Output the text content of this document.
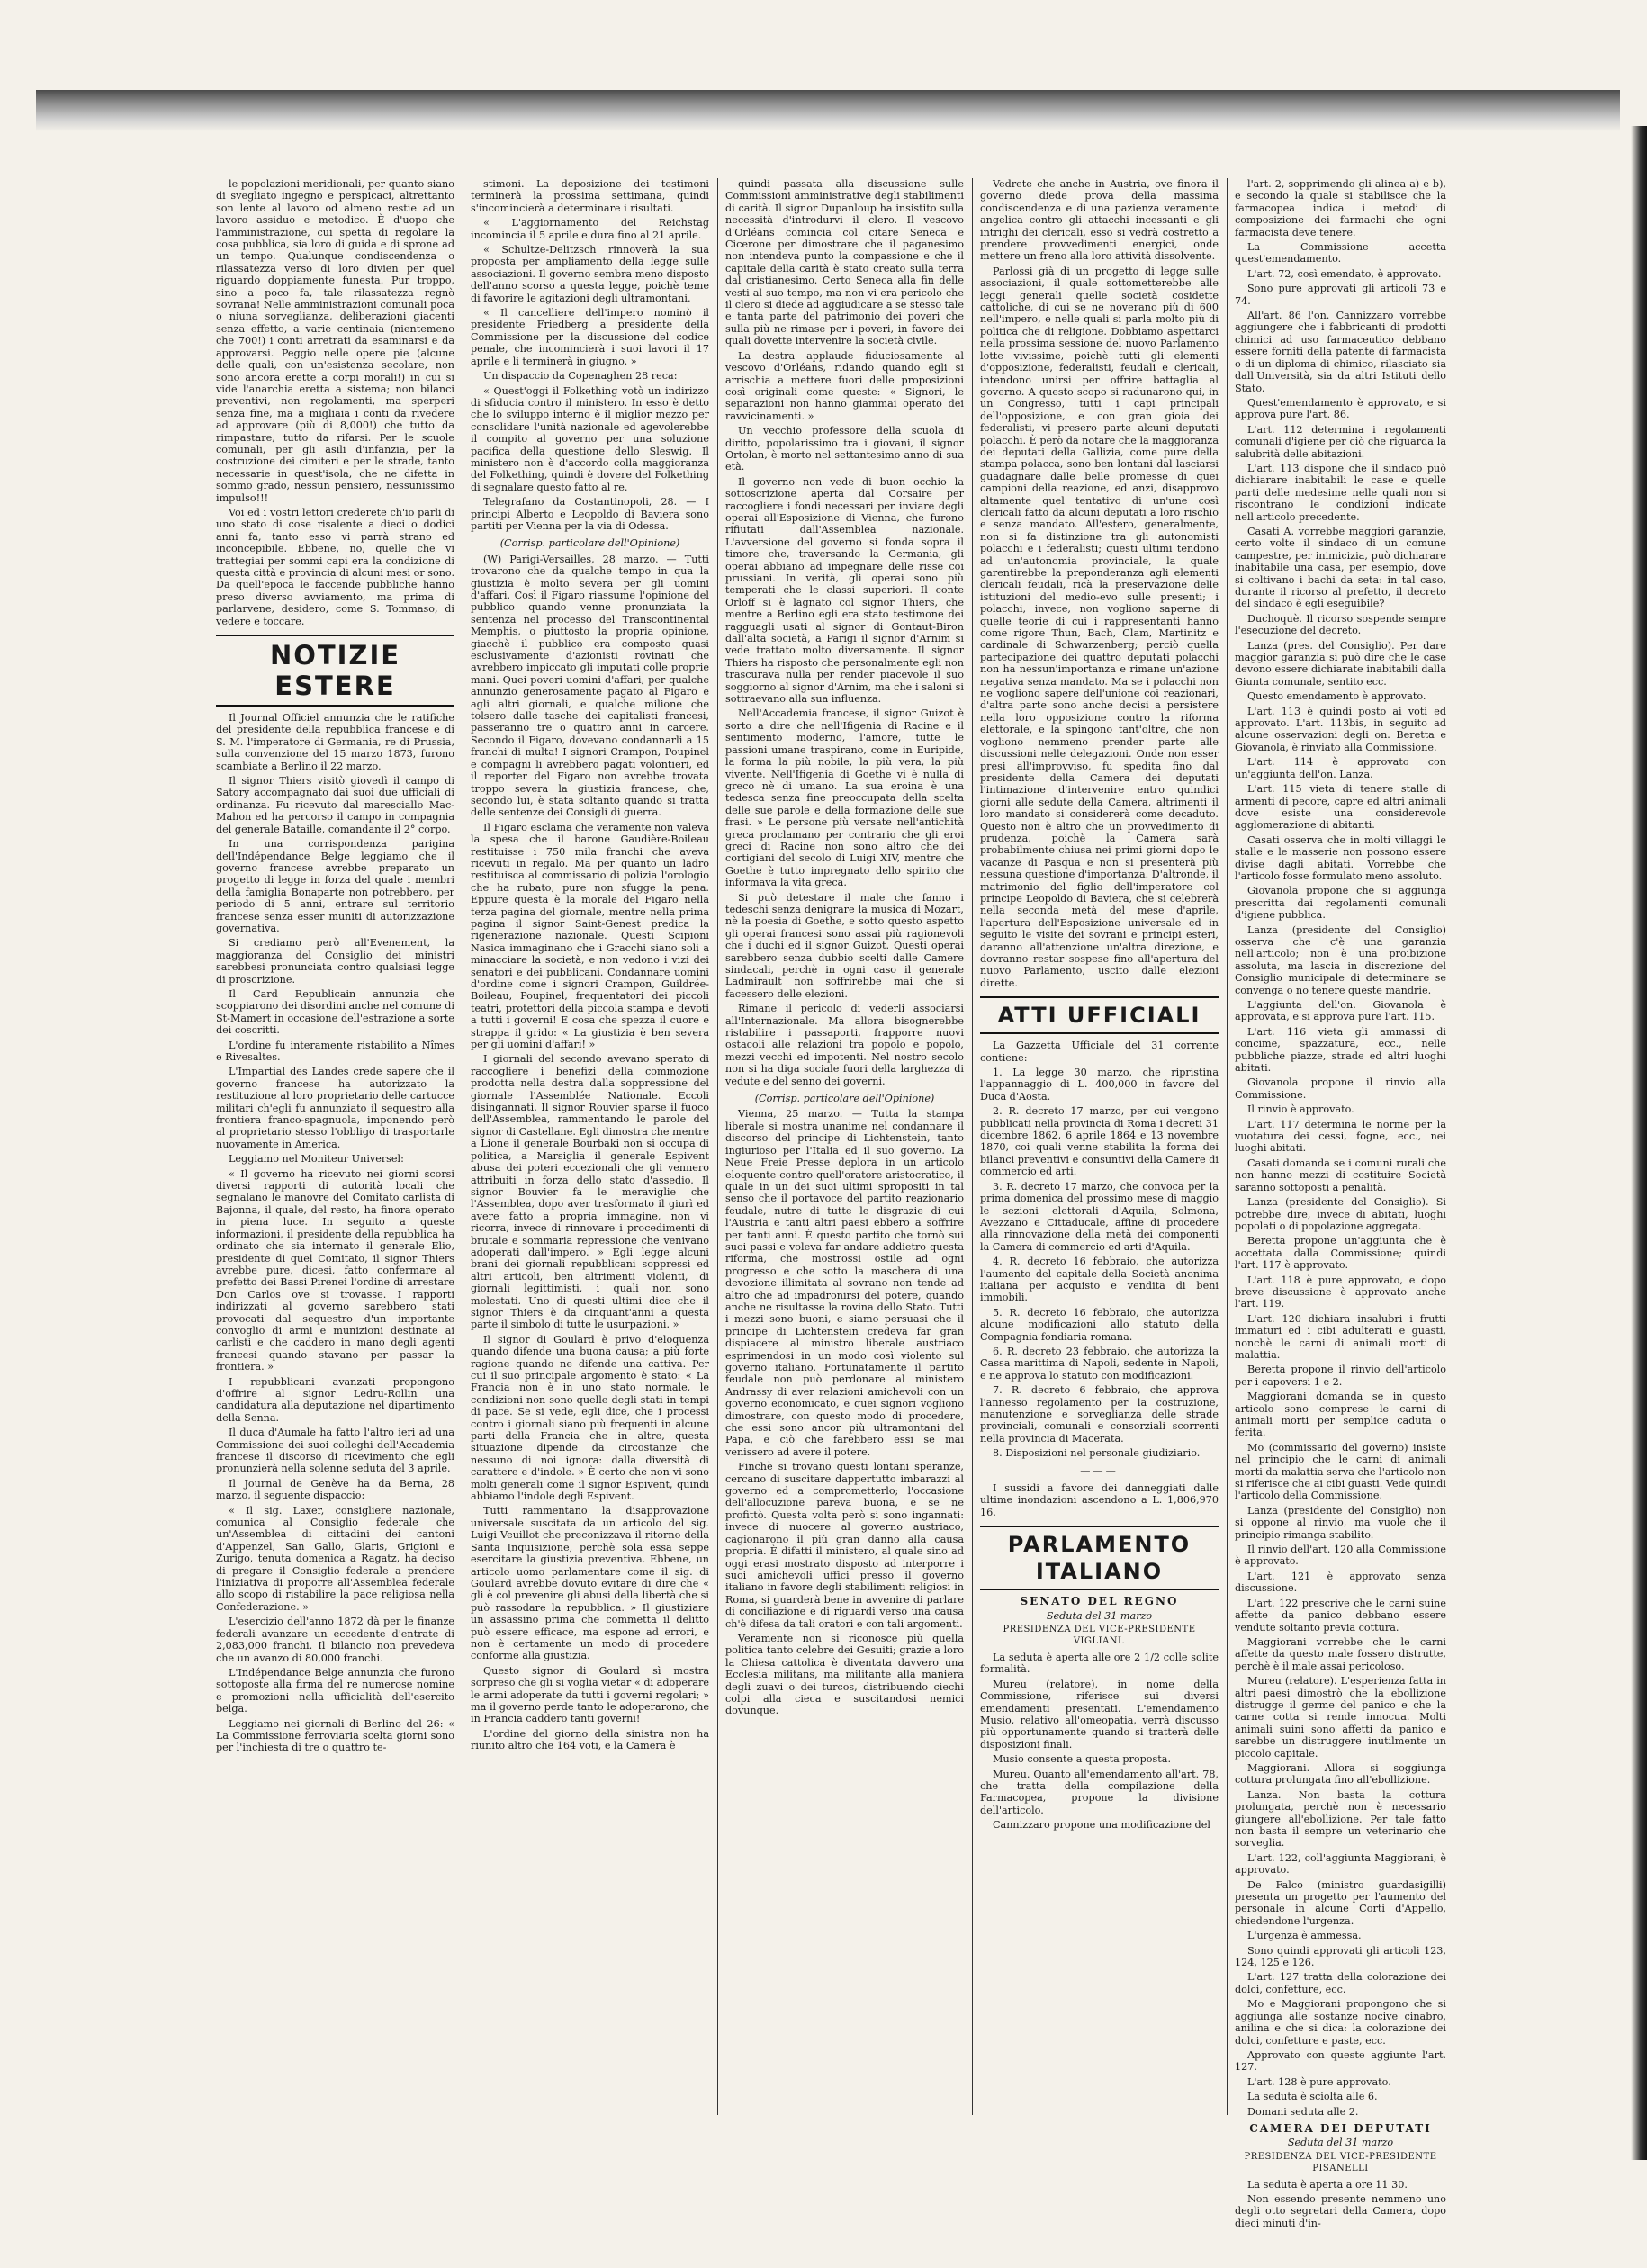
le popolazioni meridionali, per quanto siano di svegliato ingegno e perspicaci, altrettanto son lente al lavoro od almeno restie ad un lavoro assiduo e metodico. È d'uopo che l'amministrazione, cui spetta di regolare la cosa pubblica, sia loro di guida e di sprone ad un tempo. Qualunque condiscendenza o rilassatezza verso di loro divien per quel riguardo doppiamente funesta. Pur troppo, sino a poco fa, tale rilassatezza regnò sovrana! Nelle amministrazioni comunali poca o niuna sorveglianza, deliberazioni giacenti senza effetto, a varie centinaia (nientemeno che 700!) i conti arretrati da esaminarsi e da approvarsi. Peggio nelle opere pie (alcune delle quali, con un'esistenza secolare, non sono ancora erette a corpi morali!) in cui si vide l'anarchia eretta a sistema; non bilanci preventivi, non regolamenti, ma sperperi senza fine, ma a migliaia i conti da rivedere ad approvare (più di 8,000!) che tutto da rimpastare, tutto da rifarsi. Per le scuole comunali, per gli asili d'infanzia, per la costruzione dei cimiteri e per le strade, tanto necessarie in quest'isola, che ne difetta in sommo grado, nessun pensiero, nessunissimo impulso!!!

Voi ed i vostri lettori crederete ch'io parli di uno stato di cose risalente a dieci o dodici anni fa, tanto esso vi parrà strano ed inconcepibile. Ebbene, no, quelle che vi trattegiai per sommi capi era la condizione di questa città e provincia di alcuni mesi or sono. Da quell'epoca le faccende pubbliche hanno preso diverso avviamento, ma prima di parlarvene, desidero, come S. Tommaso, di vedere e toccare.

NOTIZIE ESTERE

Il Journal Officiel annunzia che le ratifiche del presidente della repubblica francese e di S. M. l'imperatore di Germania, re di Prussia, sulla convenzione del 15 marzo 1873, furono scambiate a Berlino il 22 marzo.

Il signor Thiers visitò giovedì il campo di Satory accompagnato dai suoi due ufficiali di ordinanza. Fu ricevuto dal maresciallo Mac-Mahon ed ha percorso il campo in compagnia del generale Bataille, comandante il 2° corpo.

In una corrispondenza parigina dell'Indépendance Belge leggiamo che il governo francese avrebbe preparato un progetto di legge in forza del quale i membri della famiglia Bonaparte non potrebbero, per periodo di 5 anni, entrare sul territorio francese senza esser muniti di autorizzazione governativa.

Si crediamo però all'Evenement, la maggioranza del Consiglio dei ministri sarebbesi pronunciata contro qualsiasi legge di proscrizione.

Il Card Republicain annunzia che scoppiarono dei disordini anche nel comune di St-Mamert in occasione dell'estrazione a sorte dei coscritti.

L'ordine fu interamente ristabilito a Nîmes e Rivesaltes.

L'Impartial des Landes crede sapere che il governo francese ha autorizzato la restituzione al loro proprietario delle cartucce militari ch'egli fu annunziato il sequestro alla frontiera franco-spagnuola, imponendo però al proprietario stesso l'obbligo di trasportarle nuovamente in America.

Leggiamo nel Moniteur Universel:

« Il governo ha ricevuto nei giorni scorsi diversi rapporti di autorità locali che segnalano le manovre del Comitato carlista di Bajonna, il quale, del resto, ha finora operato in piena luce. In seguito a queste informazioni, il presidente della repubblica ha ordinato che sia internato il generale Elio, presidente di quel Comitato, il signor Thiers avrebbe pure, dicesi, fatto confermare al prefetto dei Bassi Pirenei l'ordine di arrestare Don Carlos ove si trovasse. I rapporti indirizzati al governo sarebbero stati provocati dal sequestro d'un importante convoglio di armi e munizioni destinate ai carlisti e che caddero in mano degli agenti francesi quando stavano per passar la frontiera. »

I repubblicani avanzati propongono d'offrire al signor Ledru-Rollin una candidatura alla deputazione nel dipartimento della Senna.

Il duca d'Aumale ha fatto l'altro ieri ad una Commissione dei suoi colleghi dell'Accademia francese il discorso di ricevimento che egli pronunzierà nella solenne seduta del 3 aprile.

Il Journal de Genève ha da Berna, 28 marzo, il seguente dispaccio:

« Il sig. Laxer, consigliere nazionale, comunica al Consiglio federale che un'Assemblea di cittadini dei cantoni d'Appenzel, San Gallo, Glaris, Grigioni e Zurigo, tenuta domenica a Ragatz, ha deciso di pregare il Consiglio federale a prendere l'iniziativa di proporre all'Assemblea federale allo scopo di ristabilire la pace religiosa nella Confederazione. »

L'esercizio dell'anno 1872 dà per le finanze federali avanzare un eccedente d'entrate di 2,083,000 franchi. Il bilancio non prevedeva che un avanzo di 80,000 franchi.

L'Indépendance Belge annunzia che furono sottoposte alla firma del re numerose nomine e promozioni nella ufficialità dell'esercito belga.

Leggiamo nei giornali di Berlino del 26: « La Commissione ferroviaria scelta giorni sono per l'inchiesta di tre o quattro te-

stimoni. La deposizione dei testimoni terminerà la prossima settimana, quindi s'incomincierà a determinare i risultati.

« L'aggiornamento del Reichstag incomincia il 5 aprile e dura fino al 21 aprile.

« Schultze-Delitzsch rinnoverà la sua proposta per ampliamento della legge sulle associazioni. Il governo sembra meno disposto dell'anno scorso a questa legge, poichè teme di favorire le agitazioni degli ultramontani.

« Il cancelliere dell'impero nominò il presidente Friedberg a presidente della Commissione per la discussione del codice penale, che incomincierà i suoi lavori il 17 aprile e li terminerà in giugno. »

Un dispaccio da Copenaghen 28 reca:

« Quest'oggi il Folkething votò un indirizzo di sfiducia contro il ministero. In esso è detto che lo sviluppo interno è il miglior mezzo per consolidare l'unità nazionale ed agevolerebbe il compito al governo per una soluzione pacifica della questione dello Sleswig. Il ministero non è d'accordo colla maggioranza del Folkething, quindi è dovere del Folkething di segnalare questo fatto al re.

Telegrafano da Costantinopoli, 28. — I principi Alberto e Leopoldo di Baviera sono partiti per Vienna per la via di Odessa.

(Corrisp. particolare dell'Opinione)

(W) Parigi-Versailles, 28 marzo. — Tutti trovarono che da qualche tempo in qua la giustizia è molto severa per gli uomini d'affari. Così il Figaro riassume l'opinione del pubblico quando venne pronunziata la sentenza nel processo del Transcontinental Memphis, o piuttosto la propria opinione, giacchè il pubblico era composto quasi esclusivamente d'azionisti rovinati che avrebbero impiccato gli imputati colle proprie mani. Quei poveri uomini d'affari, per qualche annunzio generosamente pagato al Figaro e agli altri giornali, e qualche milione che tolsero dalle tasche dei capitalisti francesi, passeranno tre o quattro anni in carcere. Secondo il Figaro, dovevano condannarli a 15 franchi di multa! I signori Crampon, Poupinel e compagni li avrebbero pagati volontieri, ed il reporter del Figaro non avrebbe trovata troppo severa la giustizia francese, che, secondo lui, è stata soltanto quando si tratta delle sentenze dei Consigli di guerra.

Il Figaro esclama che veramente non valeva la spesa che il barone Gaudière-Boileau restituisse i 750 mila franchi che aveva ricevuti in regalo. Ma per quanto un ladro restituisca al commissario di polizia l'orologio che ha rubato, pure non sfugge la pena. Eppure questa è la morale del Figaro nella terza pagina del giornale, mentre nella prima pagina il signor Saint-Genest predica la rigenerazione nazionale. Questi Scipioni Nasica immaginano che i Gracchi siano soli a minacciare la società, e non vedono i vizi dei senatori e dei pubblicani. Condannare uomini d'ordine come i signori Crampon, Guildrée-Boileau, Poupinel, frequentatori dei piccoli teatri, protettori della piccola stampa e devoti a tutti i governi! E cosa che spezza il cuore e strappa il grido: « La giustizia è ben severa per gli uomini d'affari! »

I giornali del secondo avevano sperato di raccogliere i benefizi della commozione prodotta nella destra dalla soppressione del giornale l'Assemblée Nationale. Eccoli disingannati. Il signor Rouvier sparse il fuoco dell'Assemblea, rammentando le parole del signor di Castellane. Egli dimostra che mentre a Lione il generale Bourbaki non si occupa di politica, a Marsiglia il generale Espivent abusa dei poteri eccezionali che gli vennero attribuiti in forza dello stato d'assedio. Il signor Bouvier fa le meraviglie che l'Assemblea, dopo aver trasformato il giurì ed avere fatto a propria immagine, non vi ricorra, invece di rinnovare i procedimenti di brutale e sommaria repressione che venivano adoperati dall'impero. » Egli legge alcuni brani dei giornali repubblicani soppressi ed altri articoli, ben altrimenti violenti, di giornali legittimisti, i quali non sono molestati. Uno di questi ultimi dice che il signor Thiers è da cinquant'anni a questa parte il simbolo di tutte le usurpazioni. »

Il signor di Goulard è privo d'eloquenza quando difende una buona causa; a più forte ragione quando ne difende una cattiva. Per cui il suo principale argomento è stato: « La Francia non è in uno stato normale, le condizioni non sono quelle degli stati in tempi di pace. Se si vede, egli dice, che i processi contro i giornali siano più frequenti in alcune parti della Francia che in altre, questa situazione dipende da circostanze che nessuno di noi ignora: dalla diversità di carattere e d'indole. » È certo che non vi sono molti generali come il signor Espivent, quindi abbiamo l'indole degli Espivent.

Tutti rammentano la disapprovazione universale suscitata da un articolo del sig. Luigi Veuillot che preconizzava il ritorno della Santa Inquisizione, perchè sola essa seppe esercitare la giustizia preventiva. Ebbene, un articolo uomo parlamentare come il sig. di Goulard avrebbe dovuto evitare di dire che « gli è col prevenire gli abusi della libertà che si può rassodare la repubblica. » Il giustiziare un assassino prima che commetta il delitto può essere efficace, ma espone ad errori, e non è certamente un modo di procedere conforme alla giustizia.

Questo signor di Goulard sì mostra sorpreso che gli si voglia vietar « di adoperare le armi adoperate da tutti i governi regolari; » ma il governo perde tanto le adoperarono, che in Francia caddero tanti governi!

L'ordine del giorno della sinistra non ha riunito altro che 164 voti, e la Camera è

quindi passata alla discussione sulle Commissioni amministrative degli stabilimenti di carità. Il signor Dupanloup ha insistito sulla necessità d'introdurvi il clero. Il vescovo d'Orléans comincia col citare Seneca e Cicerone per dimostrare che il paganesimo non intendeva punto la compassione e che il capitale della carità è stato creato sulla terra dal cristianesimo. Certo Seneca alla fin delle vesti al suo tempo, ma non vi era pericolo che il clero si diede ad aggiudicare a se stesso tale e tanta parte del patrimonio dei poveri che sulla più ne rimase per i poveri, in favore dei quali dovette intervenire la società civile.

La destra applaude fiduciosamente al vescovo d'Orléans, ridando quando egli si arrischia a mettere fuori delle proposizioni così originali come queste: « Signori, le separazioni non hanno giammai operato dei ravvicinamenti. »

Un vecchio professore della scuola di diritto, popolarissimo tra i giovani, il signor Ortolan, è morto nel settantesimo anno di sua età.

Il governo non vede di buon occhio la sottoscrizione aperta dal Corsaire per raccogliere i fondi necessari per inviare degli operai all'Esposizione di Vienna, che furono rifiutati dall'Assemblea nazionale. L'avversione del governo si fonda sopra il timore che, traversando la Germania, gli operai abbiano ad impegnare delle risse coi prussiani. In verità, gli operai sono più temperati che le classi superiori. Il conte Orloff si è lagnato col signor Thiers, che mentre a Berlino egli era stato testimone dei ragguagli usati al signor di Gontaut-Biron dall'alta società, a Parigi il signor d'Arnim si vede trattato molto diversamente. Il signor Thiers ha risposto che personalmente egli non trascurava nulla per render piacevole il suo soggiorno al signor d'Arnim, ma che i saloni si sottraevano alla sua influenza.

Nell'Accademia francese, il signor Guizot è sorto a dire che nell'Ifigenia di Racine e il sentimento moderno, l'amore, tutte le passioni umane traspirano, come in Euripide, la forma la più nobile, la più vera, la più vivente. Nell'Ifigenia di Goethe vi è nulla di greco nè di umano. La sua eroina è una tedesca senza fine preoccupata della scelta delle sue parole e della formazione delle sue frasi. » Le persone più versate nell'antichità greca proclamano per contrario che gli eroi greci di Racine non sono altro che dei cortigiani del secolo di Luigi XIV, mentre che Goethe è tutto impregnato dello spirito che informava la vita greca.

Si può detestare il male che fanno i tedeschi senza denigrare la musica di Mozart, nè la poesia di Goethe, e sotto questo aspetto gli operai francesi sono assai più ragionevoli che i duchi ed il signor Guizot. Questi operai sarebbero senza dubbio scelti dalle Camere sindacali, perchè in ogni caso il generale Ladmirault non soffrirebbe mai che si facessero delle elezioni.

Rimane il pericolo di vederli associarsi all'Internazionale. Ma allora bisognerebbe ristabilire i passaporti, frapporre nuovi ostacoli alle relazioni tra popolo e popolo, mezzi vecchi ed impotenti. Nel nostro secolo non si ha diga sociale fuori della larghezza di vedute e del senno dei governi.

(Corrisp. particolare dell'Opinione)

Vienna, 25 marzo. — Tutta la stampa liberale si mostra unanime nel condannare il discorso del principe di Lichtenstein, tanto ingiurioso per l'Italia ed il suo governo. La Neue Freie Presse deplora in un articolo eloquente contro quell'oratore aristocratico, il quale in un dei suoi ultimi spropositi in tal senso che il portavoce del partito reazionario feudale, nutre di tutte le disgrazie di cui l'Austria e tanti altri paesi ebbero a soffrire per tanti anni. È questo partito che tornò sui suoi passi e voleva far andare addietro questa riforma, che mostrossi ostile ad ogni progresso e che sotto la maschera di una devozione illimitata al sovrano non tende ad altro che ad impadronirsi del potere, quando anche ne risultasse la rovina dello Stato. Tutti i mezzi sono buoni, e siamo persuasi che il principe di Lichtenstein credeva far gran dispiacere al ministro liberale austriaco esprimendosi in un modo così violento sul governo italiano. Fortunatamente il partito feudale non può perdonare al ministero Andrassy di aver relazioni amichevoli con un governo economicato, e quei signori vogliono dimostrare, con questo modo di procedere, che essi sono ancor più ultramontani del Papa, e ciò che farebbero essi se mai venissero ad avere il potere.

Finchè si trovano questi lontani speranze, cercano di suscitare dappertutto imbarazzi al governo ed a comprometterlo; l'occasione dell'allocuzione pareva buona, e se ne profittò. Questa volta però si sono ingannati: invece di nuocere al governo austriaco, cagionarono il più gran danno alla causa propria. È difatti il ministero, al quale sino ad oggi erasi mostrato disposto ad interporre i suoi amichevoli uffici presso il governo italiano in favore degli stabilimenti religiosi in Roma, si guarderà bene in avvenire di parlare di conciliazione e di riguardi verso una causa ch'è difesa da tali oratori e con tali argomenti.

Veramente non si riconosce più quella politica tanto celebre dei Gesuiti; grazie a loro la Chiesa cattolica è diventata davvero una Ecclesia militans, ma militante alla maniera degli zuavi o dei turcos, distribuendo ciechi colpi alla cieca e suscitandosi nemici dovunque.

Vedrete che anche in Austria, ove finora il governo diede prova della massima condiscendenza e di una pazienza veramente angelica contro gli attacchi incessanti e gli intrighi dei clericali, esso si vedrà costretto a prendere provvedimenti energici, onde mettere un freno alla loro attività dissolvente.

Parlossi già di un progetto di legge sulle associazioni, il quale sottometterebbe alle leggi generali quelle società cosidette cattoliche, di cui se ne noverano più di 600 nell'impero, e nelle quali si parla molto più di politica che di religione. Dobbiamo aspettarci nella prossima sessione del nuovo Parlamento lotte vivissime, poichè tutti gli elementi d'opposizione, federalisti, feudali e clericali, intendono unirsi per offrire battaglia al governo. A questo scopo si radunarono qui, in un Congresso, tutti i capi principali dell'opposizione, e con gran gioia dei federalisti, vi presero parte alcuni deputati polacchi. È però da notare che la maggioranza dei deputati della Gallizia, come pure della stampa polacca, sono ben lontani dal lasciarsi guadagnare dalle belle promesse di quei campioni della reazione, ed anzi, disapprovo altamente quel tentativo di un'une così clericali fatto da alcuni deputati a loro rischio e senza mandato. All'estero, generalmente, non si fa distinzione tra gli autonomisti polacchi e i federalisti; questi ultimi tendono ad un'autonomia provinciale, la quale garentirebbe la preponderanza agli elementi clericali feudali, ricà la preservazione delle istituzioni del medio-evo sulle presenti; i polacchi, invece, non vogliono saperne di quelle teorie di cui i rappresentanti hanno come rigore Thun, Bach, Clam, Martinitz e cardinale di Schwarzenberg; perciò quella partecipazione dei quattro deputati polacchi non ha nessun'importanza e rimane un'azione negativa senza mandato. Ma se i polacchi non ne vogliono sapere dell'unione coi reazionari, d'altra parte sono anche decisi a persistere nella loro opposizione contro la riforma elettorale, e la spingono tant'oltre, che non vogliono nemmeno prender parte alle discussioni nelle delegazioni. Onde non esser presi all'improvviso, fu spedita fino dal presidente della Camera dei deputati l'intimazione d'intervenire entro quindici giorni alle sedute della Camera, altrimenti il loro mandato si considererà come decaduto. Questo non è altro che un provvedimento di prudenza, poichè la Camera sarà probabilmente chiusa nei primi giorni dopo le vacanze di Pasqua e non si presenterà più nessuna questione d'importanza. D'altronde, il matrimonio del figlio dell'imperatore col principe Leopoldo di Baviera, che si celebrerà nella seconda metà del mese d'aprile, l'apertura dell'Esposizione universale ed in seguito le visite dei sovrani e principi esteri, daranno all'attenzione un'altra direzione, e dovranno restar sospese fino all'apertura del nuovo Parlamento, uscito dalle elezioni dirette.

ATTI UFFICIALI

La Gazzetta Ufficiale del 31 corrente contiene:

1. La legge 30 marzo, che ripristina l'appannaggio di L. 400,000 in favore del Duca d'Aosta.

2. R. decreto 17 marzo, per cui vengono pubblicati nella provincia di Roma i decreti 31 dicembre 1862, 6 aprile 1864 e 13 novembre 1870, coi quali venne stabilita la forma dei bilanci preventivi e consuntivi della Camere di commercio ed arti.

3. R. decreto 17 marzo, che convoca per la prima domenica del prossimo mese di maggio le sezioni elettorali d'Aquila, Solmona, Avezzano e Cittaducale, affine di procedere alla rinnovazione della metà dei componenti la Camera di commercio ed arti d'Aquila.

4. R. decreto 16 febbraio, che autorizza l'aumento del capitale della Società anonima italiana per acquisto e vendita di beni immobili.

5. R. decreto 16 febbraio, che autorizza alcune modificazioni allo statuto della Compagnia fondiaria romana.

6. R. decreto 23 febbraio, che autorizza la Cassa marittima di Napoli, sedente in Napoli, e ne approva lo statuto con modificazioni.

7. R. decreto 6 febbraio, che approva l'annesso regolamento per la costruzione, manutenzione e sorveglianza delle strade provinciali, comunali e consorziali scorrenti nella provincia di Macerata.

8. Disposizioni nel personale giudiziario.

———

I sussidi a favore dei danneggiati dalle ultime inondazioni ascendono a L. 1,806,970 16.

PARLAMENTO ITALIANO
SENATO DEL REGNO
Seduta del 31 marzo
PRESIDENZA DEL VICE-PRESIDENTE VIGLIANI.

La seduta è aperta alle ore 2 1/2 colle solite formalità.

Mureu (relatore), in nome della Commissione, riferisce sui diversi emendamenti presentati. L'emendamento Musio, relativo all'omeopatia, verrà discusso più opportunamente quando si tratterà delle disposizioni finali.

Musio consente a questa proposta.

Mureu. Quanto all'emendamento all'art. 78, che tratta della compilazione della Farmacopea, propone la divisione dell'articolo.

Cannizzaro propone una modificazione del

l'art. 2, sopprimendo gli alinea a) e b), e secondo la quale si stabilisce che la farmacopea indica i metodi di composizione dei farmachi che ogni farmacista deve tenere.

La Commissione accetta quest'emendamento.

L'art. 72, così emendato, è approvato.

Sono pure approvati gli articoli 73 e 74.

All'art. 86 l'on. Cannizzaro vorrebbe aggiungere che i fabbricanti di prodotti chimici ad uso farmaceutico debbano essere forniti della patente di farmacista o di un diploma di chimico, rilasciato sia dall'Università, sia da altri Istituti dello Stato.

Quest'emendamento è approvato, e si approva pure l'art. 86.

L'art. 112 determina i regolamenti comunali d'igiene per ciò che riguarda la salubrità delle abitazioni.

L'art. 113 dispone che il sindaco può dichiarare inabitabili le case e quelle parti delle medesime nelle quali non si riscontrano le condizioni indicate nell'articolo precedente.

Casati A. vorrebbe maggiori garanzie, certo volte il sindaco di un comune campestre, per inimicizia, può dichiarare inabitabile una casa, per esempio, dove si coltivano i bachi da seta: in tal caso, durante il ricorso al prefetto, il decreto del sindaco è egli eseguibile?

Duchoquè. Il ricorso sospende sempre l'esecuzione del decreto.

Lanza (pres. del Consiglio). Per dare maggior garanzia si può dire che le case devono essere dichiarate inabitabili dalla Giunta comunale, sentito ecc.

Questo emendamento è approvato.

L'art. 113 è quindi posto ai voti ed approvato. L'art. 113bis, in seguito ad alcune osservazioni degli on. Beretta e Giovanola, è rinviato alla Commissione.

L'art. 114 è approvato con un'aggiunta dell'on. Lanza.

L'art. 115 vieta di tenere stalle di armenti di pecore, capre ed altri animali dove esiste una considerevole agglomerazione di abitanti.

Casati osserva che in molti villaggi le stalle e le masserie non possono essere divise dagli abitati. Vorrebbe che l'articolo fosse formulato meno assoluto.

Giovanola propone che si aggiunga prescritta dai regolamenti comunali d'igiene pubblica.

Lanza (presidente del Consiglio) osserva che c'è una garanzia nell'articolo; non è una proibizione assoluta, ma lascia in discrezione del Consiglio municipale di determinare se convenga o no tenere queste mandrie.

L'aggiunta dell'on. Giovanola è approvata, e si approva pure l'art. 115.

L'art. 116 vieta gli ammassi di concime, spazzatura, ecc., nelle pubbliche piazze, strade ed altri luoghi abitati.

Giovanola propone il rinvio alla Commissione.

Il rinvio è approvato.

L'art. 117 determina le norme per la vuotatura dei cessi, fogne, ecc., nei luoghi abitati.

Casati domanda se i comuni rurali che non hanno mezzi di costituire Società saranno sottoposti a penalità.

Lanza (presidente del Consiglio). Si potrebbe dire, invece di abitati, luoghi popolati o di popolazione aggregata.

Beretta propone un'aggiunta che è accettata dalla Commissione; quindi l'art. 117 è approvato.

L'art. 118 è pure approvato, e dopo breve discussione è approvato anche l'art. 119.

L'art. 120 dichiara insalubri i frutti immaturi ed i cibi adulterati e guasti, nonchè le carni di animali morti di malattia.

Beretta propone il rinvio dell'articolo per i capoversi 1 e 2.

Maggiorani domanda se in questo articolo sono comprese le carni di animali morti per semplice caduta o ferita.

Mo (commissario del governo) insiste nel principio che le carni di animali morti da malattia serva che l'articolo non si riferisce che ai cibi guasti. Vede quindi l'articolo della Commissione.

Lanza (presidente del Consiglio) non si oppone al rinvio, ma vuole che il principio rimanga stabilito.

Il rinvio dell'art. 120 alla Commissione è approvato.

L'art. 121 è approvato senza discussione.

L'art. 122 prescrive che le carni suine affette da panico debbano essere vendute soltanto previa cottura.

Maggiorani vorrebbe che le carni affette da questo male fossero distrutte, perchè è il male assai pericoloso.

Mureu (relatore). L'esperienza fatta in altri paesi dimostrò che la ebollizione distrugge il germe del panico e che la carne cotta si rende innocua. Molti animali suini sono affetti da panico e sarebbe un distruggere inutilmente un piccolo capitale.

Maggiorani. Allora si soggiunga cottura prolungata fino all'ebollizione.

Lanza. Non basta la cottura prolungata, perchè non è necessario giungere all'ebollizione. Per tale fatto non basta il sempre un veterinario che sorveglia.

L'art. 122, coll'aggiunta Maggiorani, è approvato.

De Falco (ministro guardasigilli) presenta un progetto per l'aumento del personale in alcune Corti d'Appello, chiedendone l'urgenza.

L'urgenza è ammessa.

Sono quindi approvati gli articoli 123, 124, 125 e 126.

L'art. 127 tratta della colorazione dei dolci, confetture, ecc.

Mo e Maggiorani propongono che si aggiunga alle sostanze nocive cinabro, anilina e che si dica: la colorazione dei dolci, confetture e paste, ecc.

Approvato con queste aggiunte l'art. 127.

L'art. 128 è pure approvato.

La seduta è sciolta alle 6.

Domani seduta alle 2.

CAMERA DEI DEPUTATI
Seduta del 31 marzo
PRESIDENZA DEL VICE-PRESIDENTE PISANELLI

La seduta è aperta a ore 11 30.

Non essendo presente nemmeno uno degli otto segretari della Camera, dopo dieci minuti d'in-
